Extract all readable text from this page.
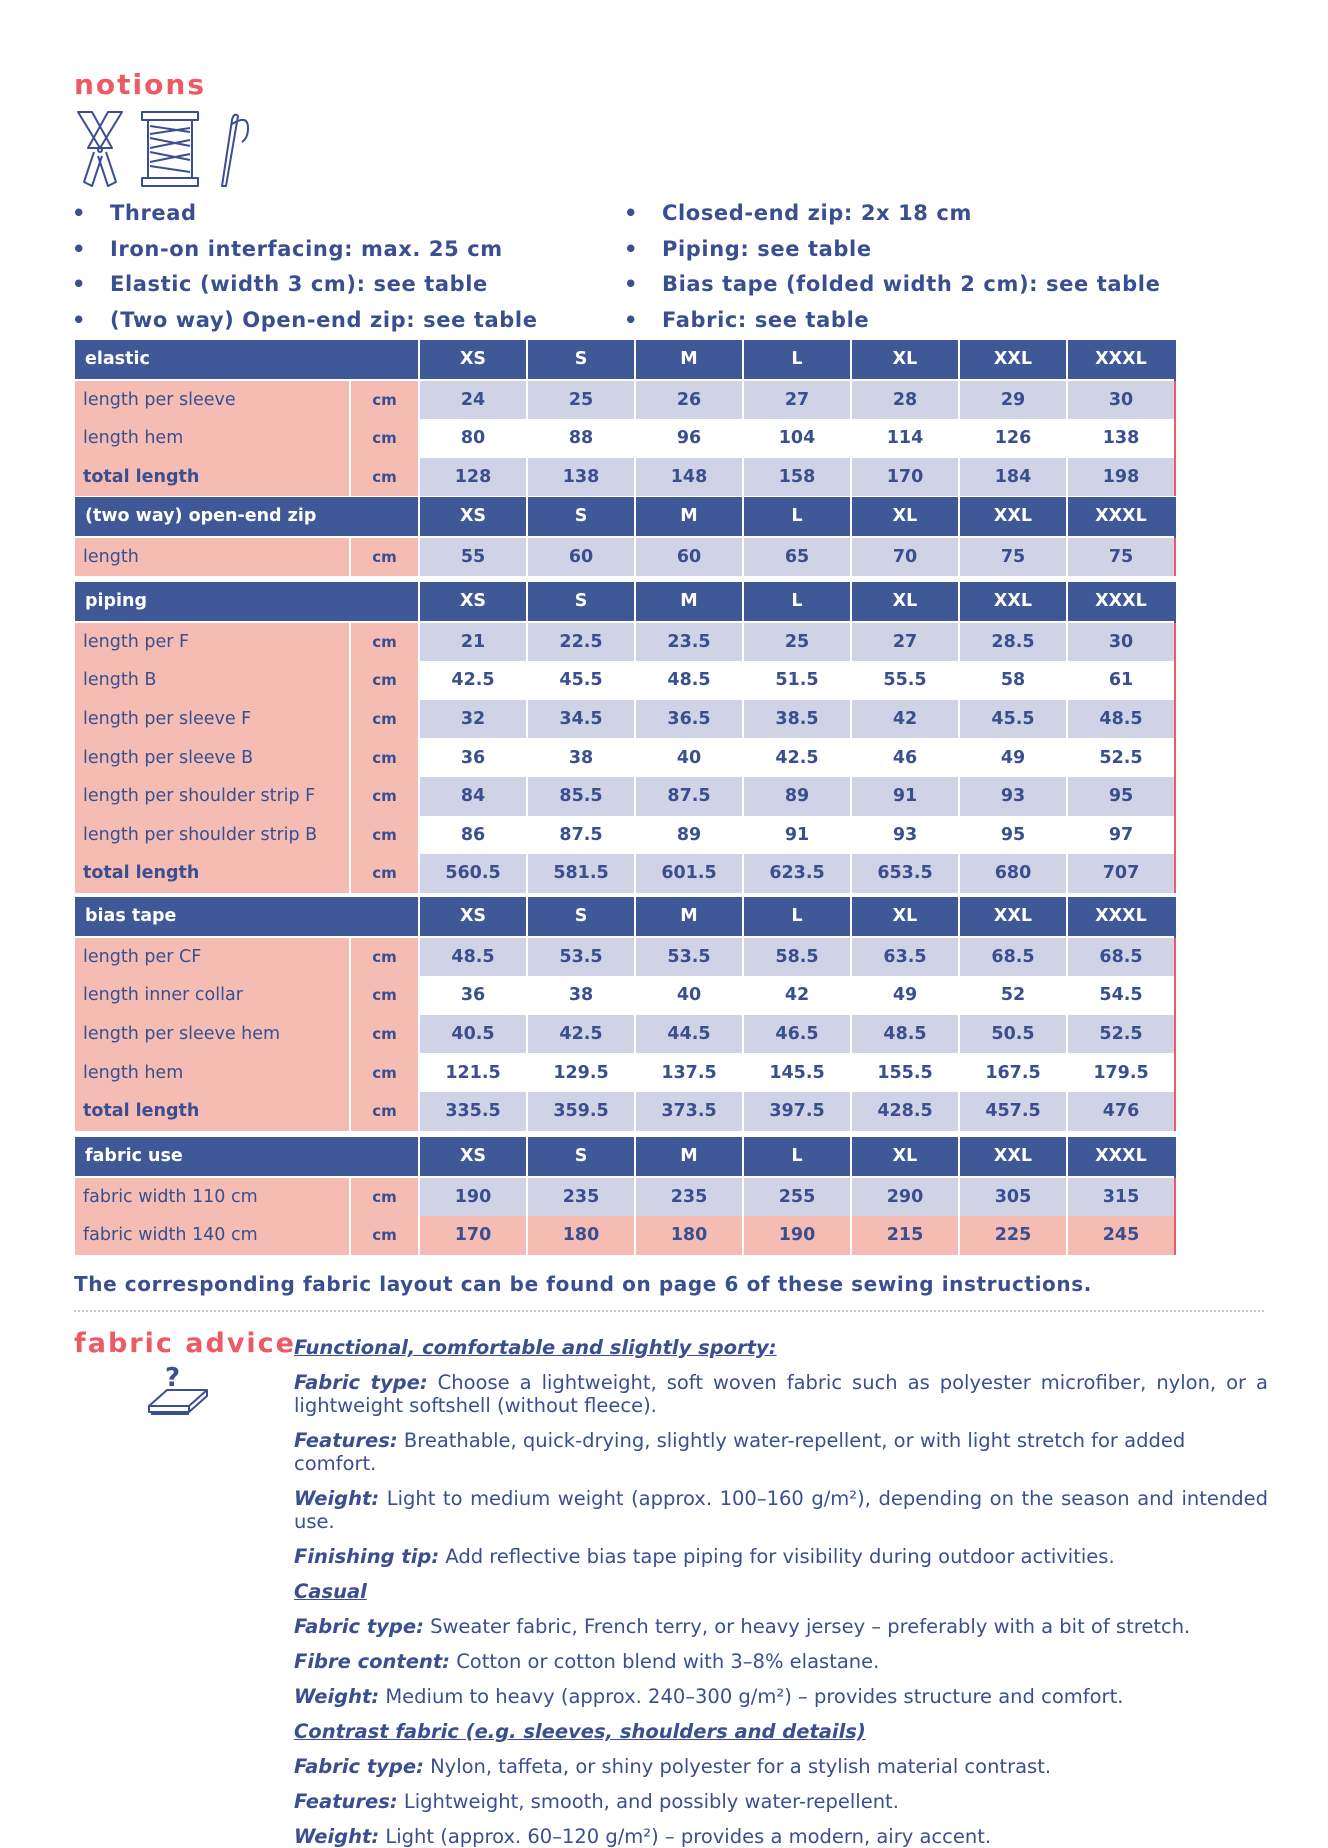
notions
• Thread
• Iron-on interfacing: max. 25 cm
• Elastic (width 3 cm): see table
• (Two way) Open-end zip: see table
• Closed-end zip: 2x 18 cm
• Piping: see table
• Bias tape (folded width 2 cm): see table
• Fabric: see table
elastic		XS	S	M	L	XL	XXL	XXXL
length per sleeve	cm	24	25	26	27	28	29	30
length hem	cm	80	88	96	104	114	126	138
total length	cm	128	138	148	158	170	184	198
(two way) open-end zip		XS	S	M	L	XL	XXL	XXXL
length	cm	55	60	60	65	70	75	75
piping		XS	S	M	L	XL	XXL	XXXL
length per F	cm	21	22.5	23.5	25	27	28.5	30
length B	cm	42.5	45.5	48.5	51.5	55.5	58	61
length per sleeve F	cm	32	34.5	36.5	38.5	42	45.5	48.5
length per sleeve B	cm	36	38	40	42.5	46	49	52.5
length per shoulder strip F	cm	84	85.5	87.5	89	91	93	95
length per shoulder strip B	cm	86	87.5	89	91	93	95	97
total length	cm	560.5	581.5	601.5	623.5	653.5	680	707
bias tape		XS	S	M	L	XL	XXL	XXXL
length per CF	cm	48.5	53.5	53.5	58.5	63.5	68.5	68.5
length inner collar	cm	36	38	40	42	49	52	54.5
length per sleeve hem	cm	40.5	42.5	44.5	46.5	48.5	50.5	52.5
length hem	cm	121.5	129.5	137.5	145.5	155.5	167.5	179.5
total length	cm	335.5	359.5	373.5	397.5	428.5	457.5	476
fabric use		XS	S	M	L	XL	XXL	XXXL
fabric width 110 cm	cm	190	235	235	255	290	305	315
fabric width 140 cm	cm	170	180	180	190	215	225	245
The corresponding fabric layout can be found on page 6 of these sewing instructions.
fabric advice
?

Functional, comfortable and slightly sporty:

Fabric type: Choose a lightweight, soft woven fabric such as polyester microfiber, nylon, or a lightweight softshell (without fleece).

Features: Breathable, quick-drying, slightly water-repellent, or with light stretch for added comfort.

Weight: Light to medium weight (approx. 100–160 g/m²), depending on the season and intended use.

Finishing tip: Add reflective bias tape piping for visibility during outdoor activities.

Casual

Fabric type: Sweater fabric, French terry, or heavy jersey – preferably with a bit of stretch.

Fibre content: Cotton or cotton blend with 3–8% elastane.

Weight: Medium to heavy (approx. 240–300 g/m²) – provides structure and comfort.

Contrast fabric (e.g. sleeves, shoulders and details)

Fabric type: Nylon, taffeta, or shiny polyester for a stylish material contrast.

Features: Lightweight, smooth, and possibly water-repellent.

Weight: Light (approx. 60–120 g/m²) – provides a modern, airy accent.
